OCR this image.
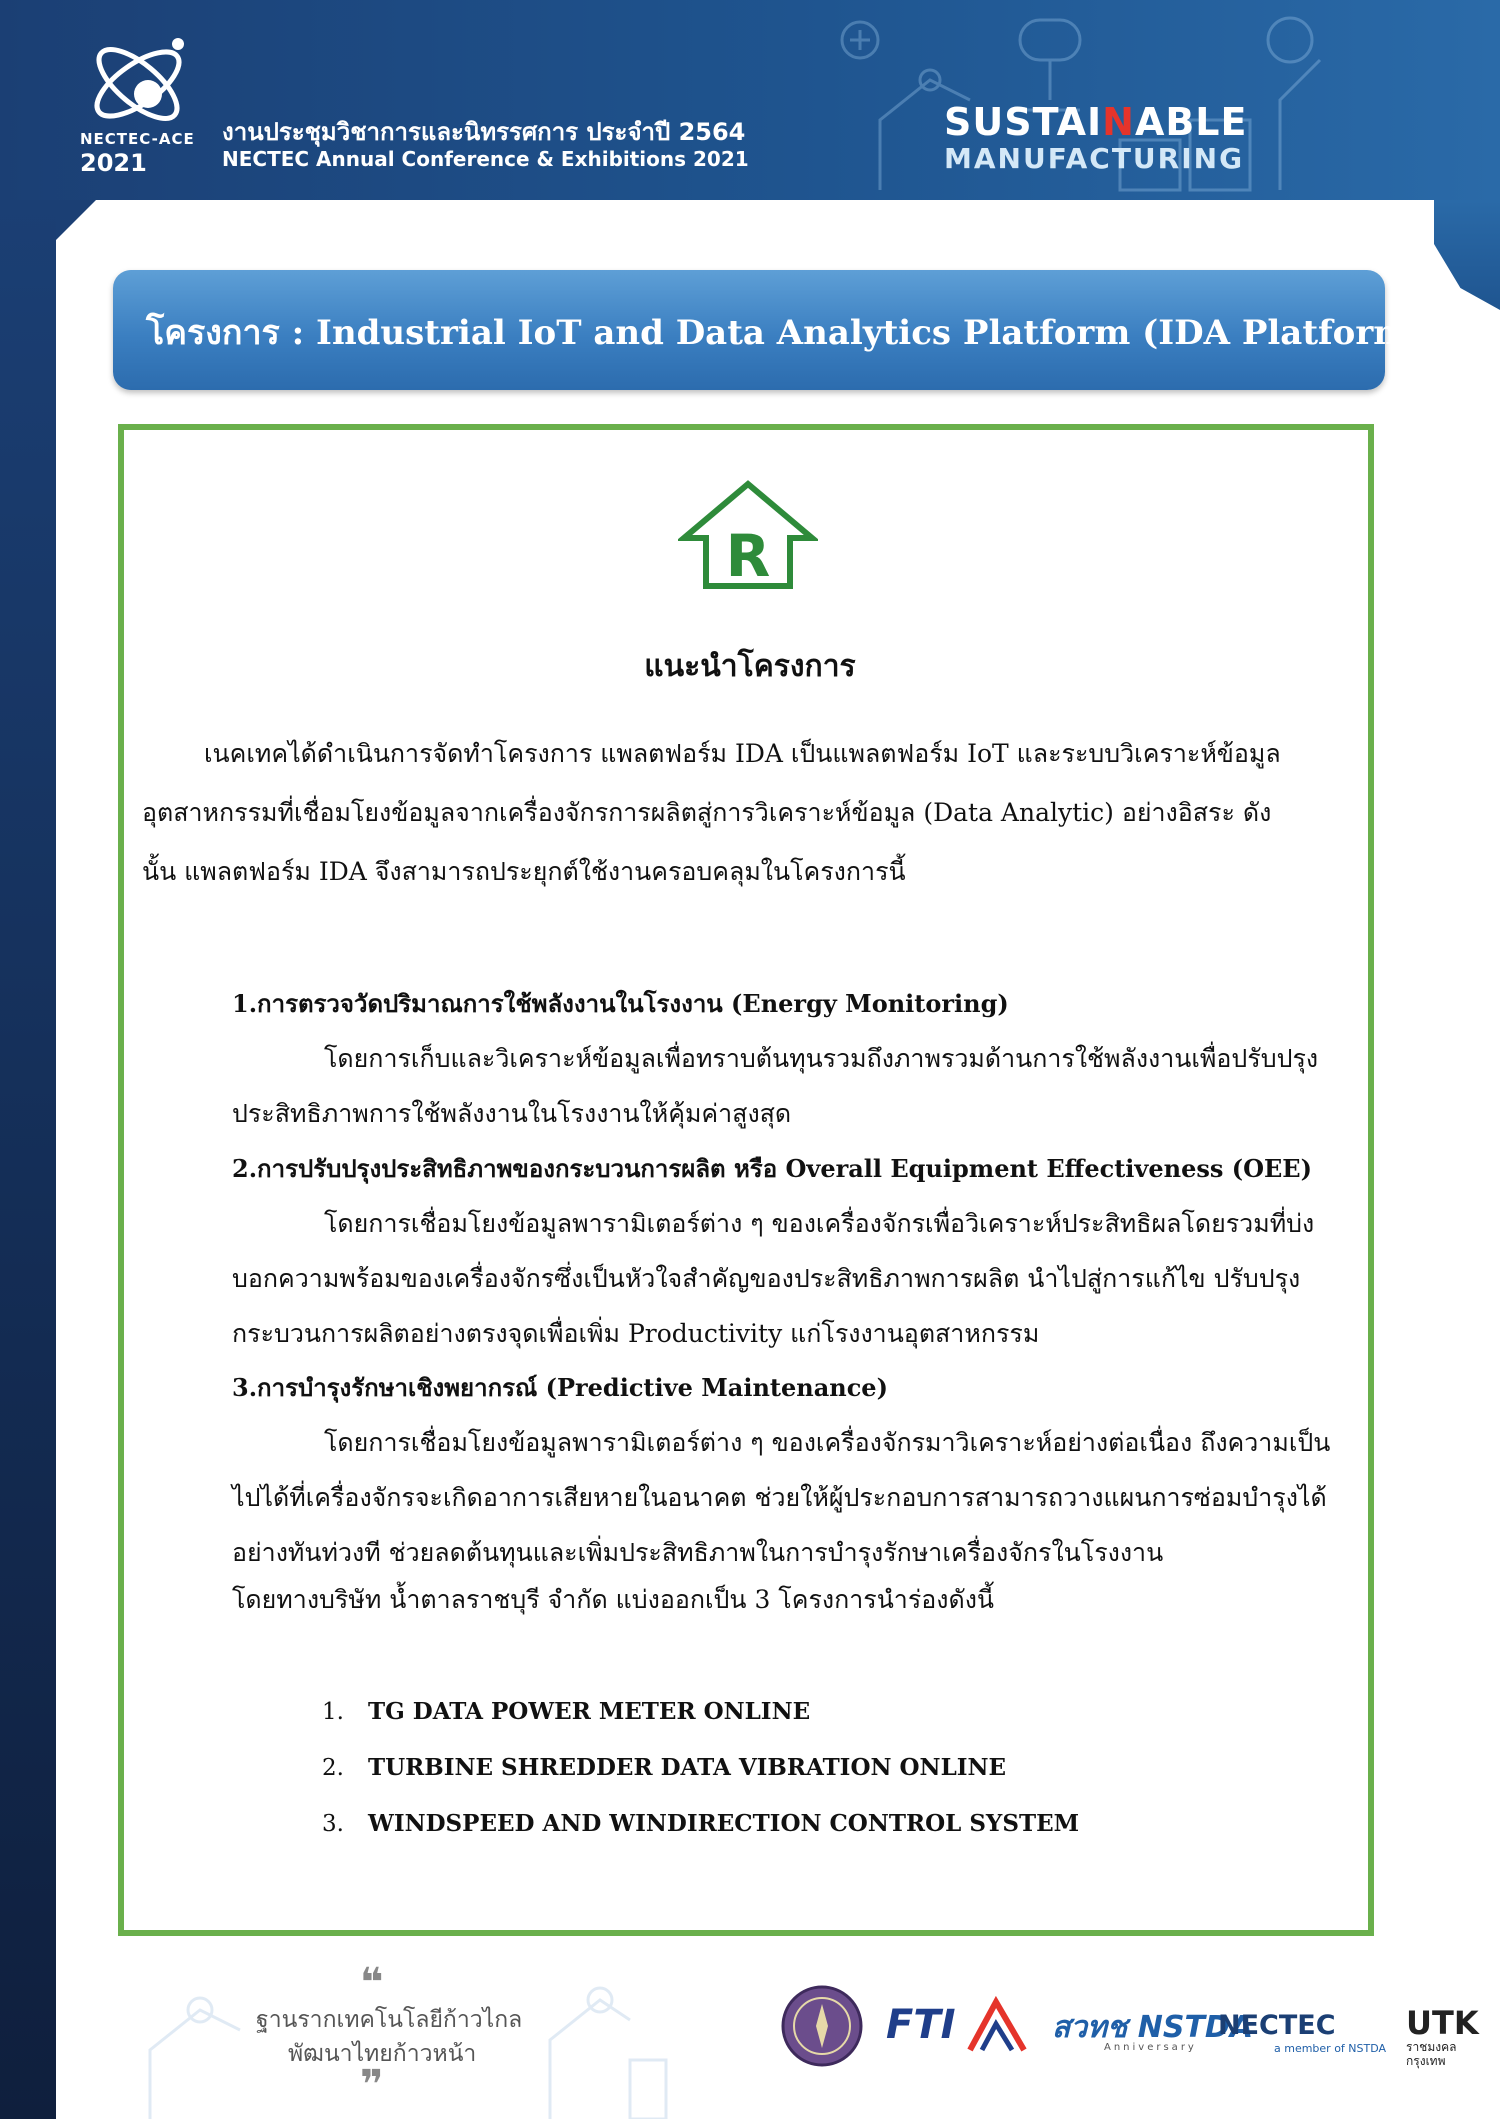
NECTEC-ACE
2021
งานประชุมวิชาการและนิทรรศการ ประจำปี 2564
NECTEC Annual Conference & Exhibitions 2021
SUSTAINABLE
MANUFACTURING
โครงการ : Industrial IoT and Data Analytics Platform (IDA Platform)
R
แนะนำโครงการ
เนคเทคได้ดำเนินการจัดทำโครงการ แพลตฟอร์ม IDA เป็นแพลตฟอร์ม IoT และระบบวิเคราะห์ข้อมูลอุตสาหกรรมที่เชื่อมโยงข้อมูลจากเครื่องจักรการผลิตสู่การวิเคราะห์ข้อมูล (Data Analytic) อย่างอิสระ ดังนั้น แพลตฟอร์ม IDA จึงสามารถประยุกต์ใช้งานครอบคลุมในโครงการนี้
1.การตรวจวัดปริมาณการใช้พลังงานในโรงงาน (Energy Monitoring)
โดยการเก็บและวิเคราะห์ข้อมูลเพื่อทราบต้นทุนรวมถึงภาพรวมด้านการใช้พลังงานเพื่อปรับปรุงประสิทธิภาพการใช้พลังงานในโรงงานให้คุ้มค่าสูงสุด
2.การปรับปรุงประสิทธิภาพของกระบวนการผลิต หรือ Overall Equipment Effectiveness (OEE)
โดยการเชื่อมโยงข้อมูลพารามิเตอร์ต่าง ๆ ของเครื่องจักรเพื่อวิเคราะห์ประสิทธิผลโดยรวมที่บ่งบอกความพร้อมของเครื่องจักรซึ่งเป็นหัวใจสำคัญของประสิทธิภาพการผลิต นำไปสู่การแก้ไข ปรับปรุงกระบวนการผลิตอย่างตรงจุดเพื่อเพิ่ม Productivity แก่โรงงานอุตสาหกรรม
3.การบำรุงรักษาเชิงพยากรณ์ (Predictive Maintenance)
โดยการเชื่อมโยงข้อมูลพารามิเตอร์ต่าง ๆ ของเครื่องจักรมาวิเคราะห์อย่างต่อเนื่อง ถึงความเป็นไปได้ที่เครื่องจักรจะเกิดอาการเสียหายในอนาคต ช่วยให้ผู้ประกอบการสามารถวางแผนการซ่อมบำรุงได้อย่างทันท่วงที ช่วยลดต้นทุนและเพิ่มประสิทธิภาพในการบำรุงรักษาเครื่องจักรในโรงงาน
โดยทางบริษัท น้ำตาลราชบุรี จำกัด แบ่งออกเป็น 3 โครงการนำร่องดังนี้
1. TG DATA POWER METER ONLINE
2. TURBINE SHREDDER DATA VIBRATION ONLINE
3. WINDSPEED AND WINDIRECTION CONTROL SYSTEM
❝
ฐานรากเทคโนโลยีก้าวไกล
พัฒนาไทยก้าวหน้า
❞
FTI	สวทช NSTDA
Anniversary
NECTEC
a member of NSTDA
UTK
ราชมงคล กรุงเทพ
